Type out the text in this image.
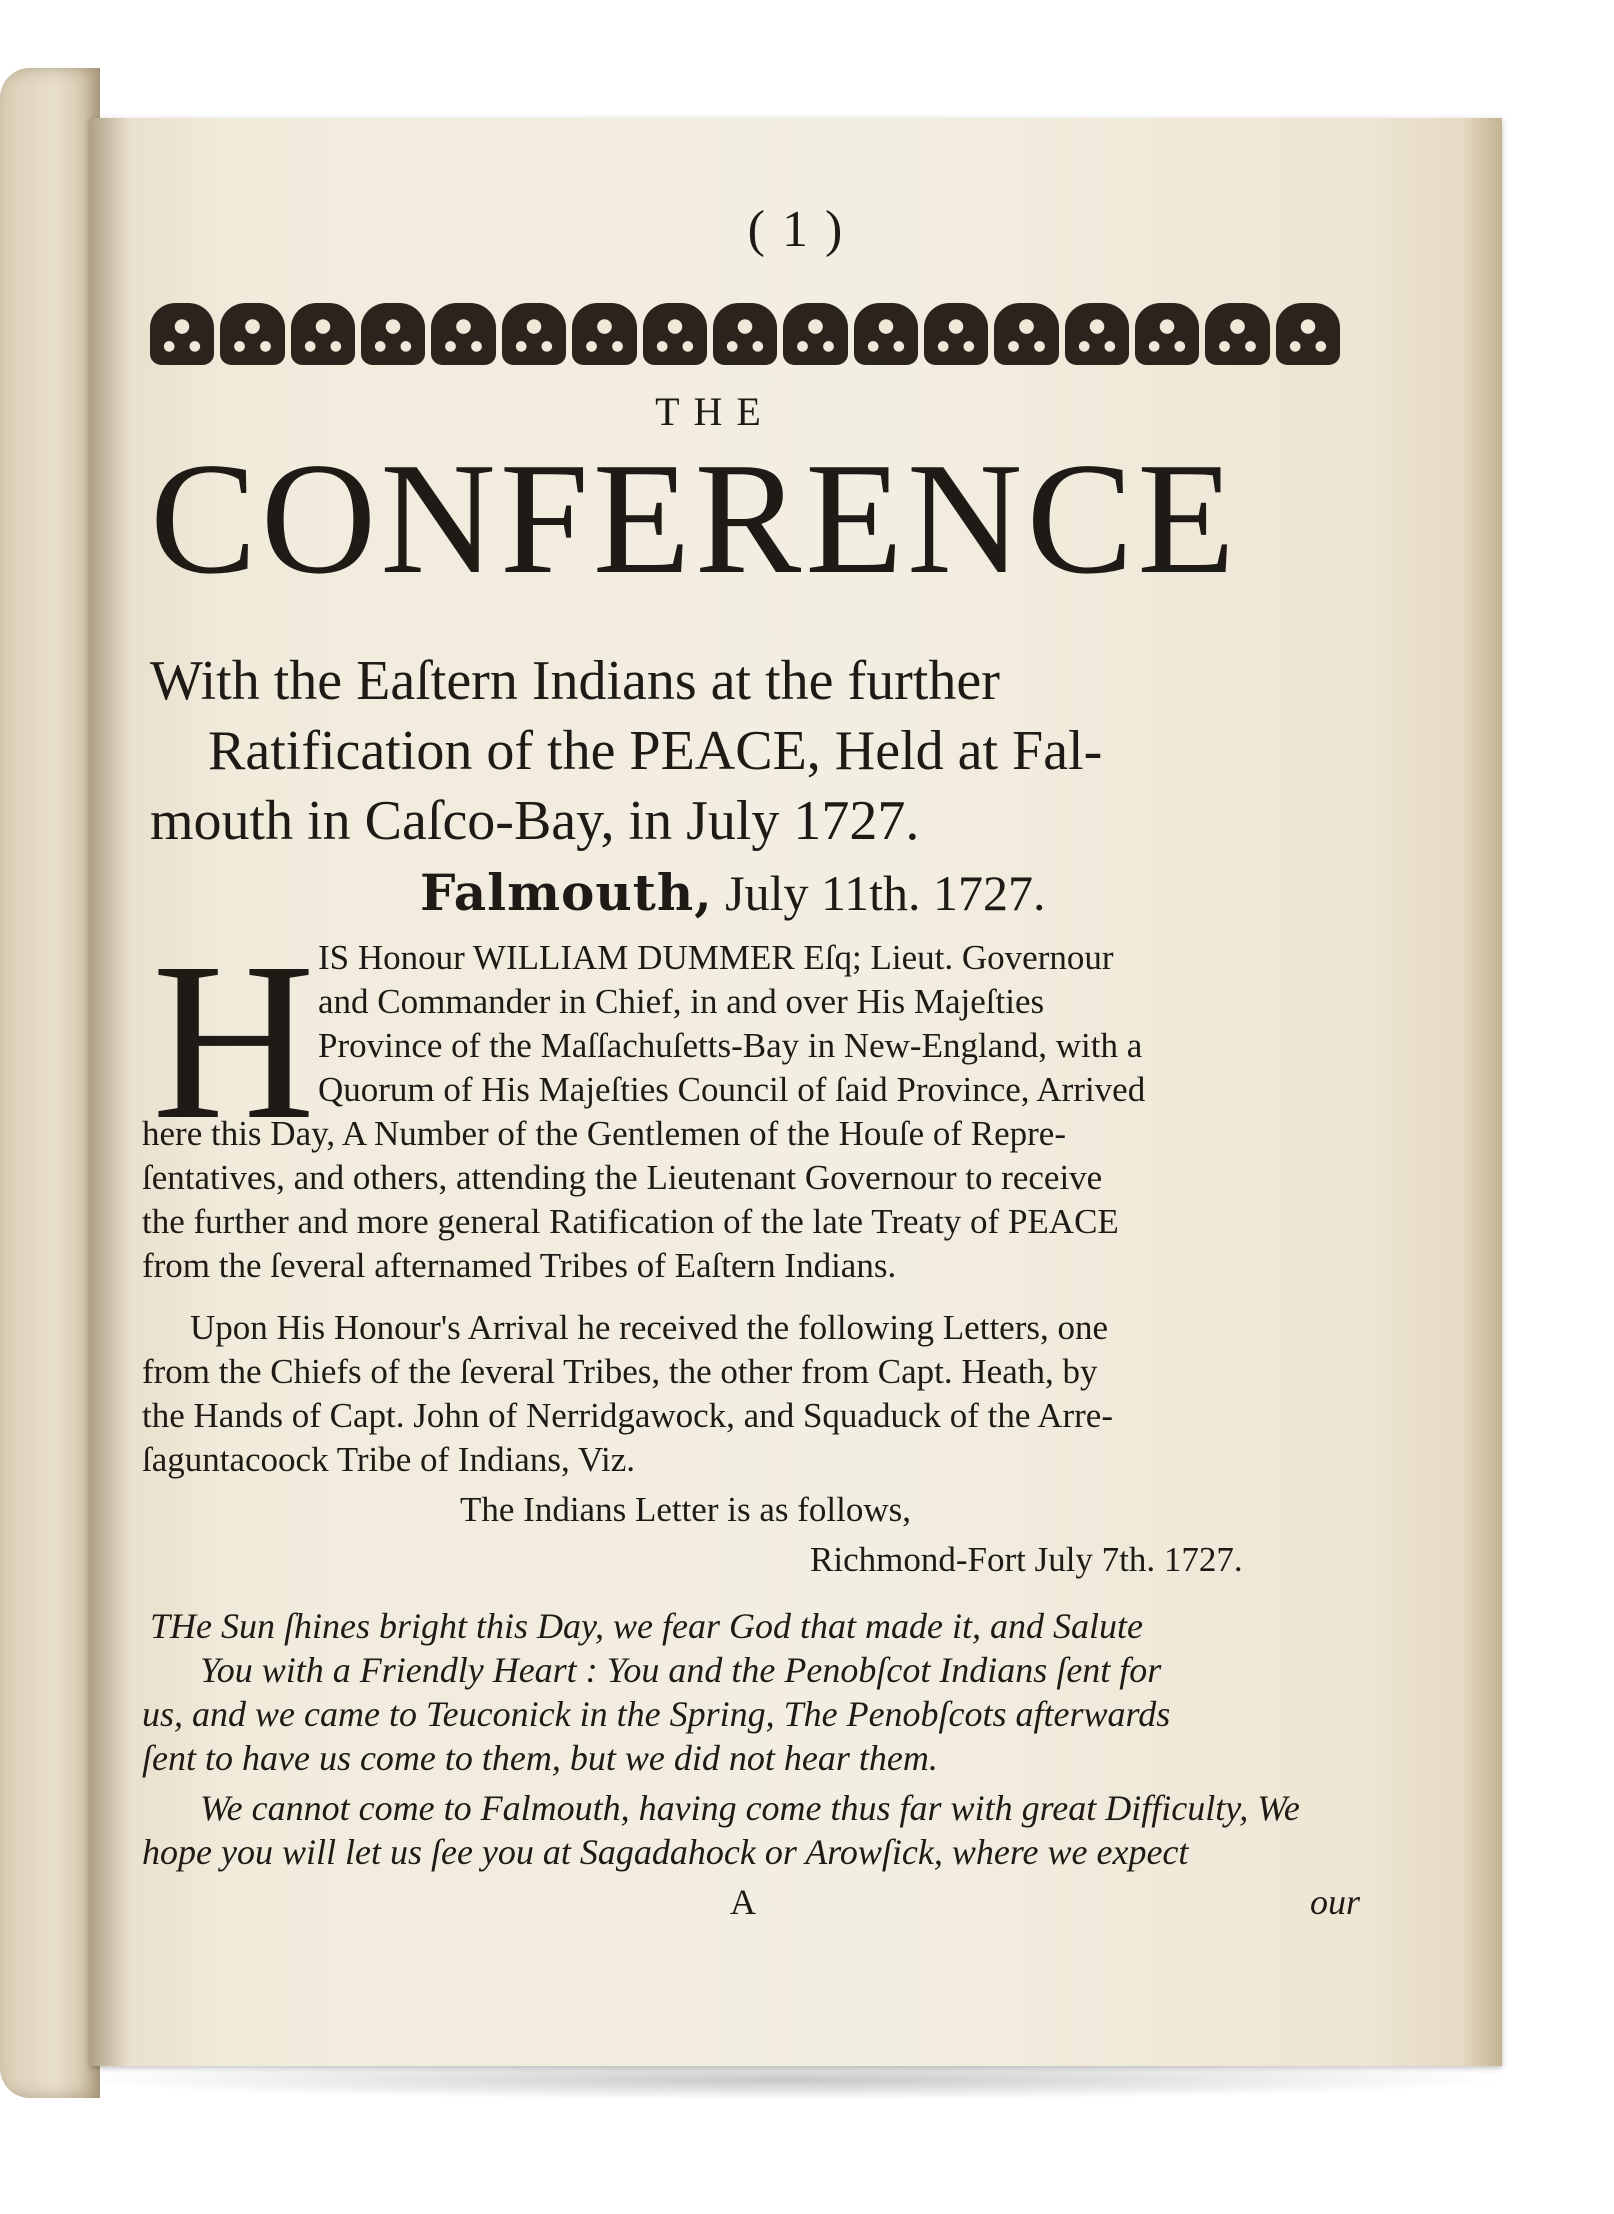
( 1 )
THE
CONFERENCE
With the Eaſtern Indians at the further
Ratification of the PEACE, Held at Fal-
mouth in Caſco-Bay, in July 1727.
Falmouth, July 11th. 1727.
H IS Honour WILLIAM DUMMER Eſq; Lieut. Governour
and Commander in Chief, in and over His Majeſties
Province of the Maſſachuſetts-Bay in New-England, with a
Quorum of His Majeſties Council of ſaid Province, Arrived
here this Day, A Number of the Gentlemen of the Houſe of Repre-
ſentatives, and others, attending the Lieutenant Governour to receive
the further and more general Ratification of the late Treaty of PEACE
from the ſeveral afternamed Tribes of Eaſtern Indians.
Upon His Honour's Arrival he received the following Letters, one
from the Chiefs of the ſeveral Tribes, the other from Capt. Heath, by
the Hands of Capt. John of Nerridgawock, and Squaduck of the Arre-
ſaguntacoock Tribe of Indians, Viz.
The Indians Letter is as follows,
Richmond-Fort July 7th. 1727.
THe Sun ſhines bright this Day, we fear God that made it, and Salute
You with a Friendly Heart : You and the Penobſcot Indians ſent for
us, and we came to Teuconick in the Spring, The Penobſcots afterwards
ſent to have us come to them, but we did not hear them.
We cannot come to Falmouth, having come thus far with great Difficulty, We
hope you will let us ſee you at Sagadahock or Arowſick, where we expect
A	our
